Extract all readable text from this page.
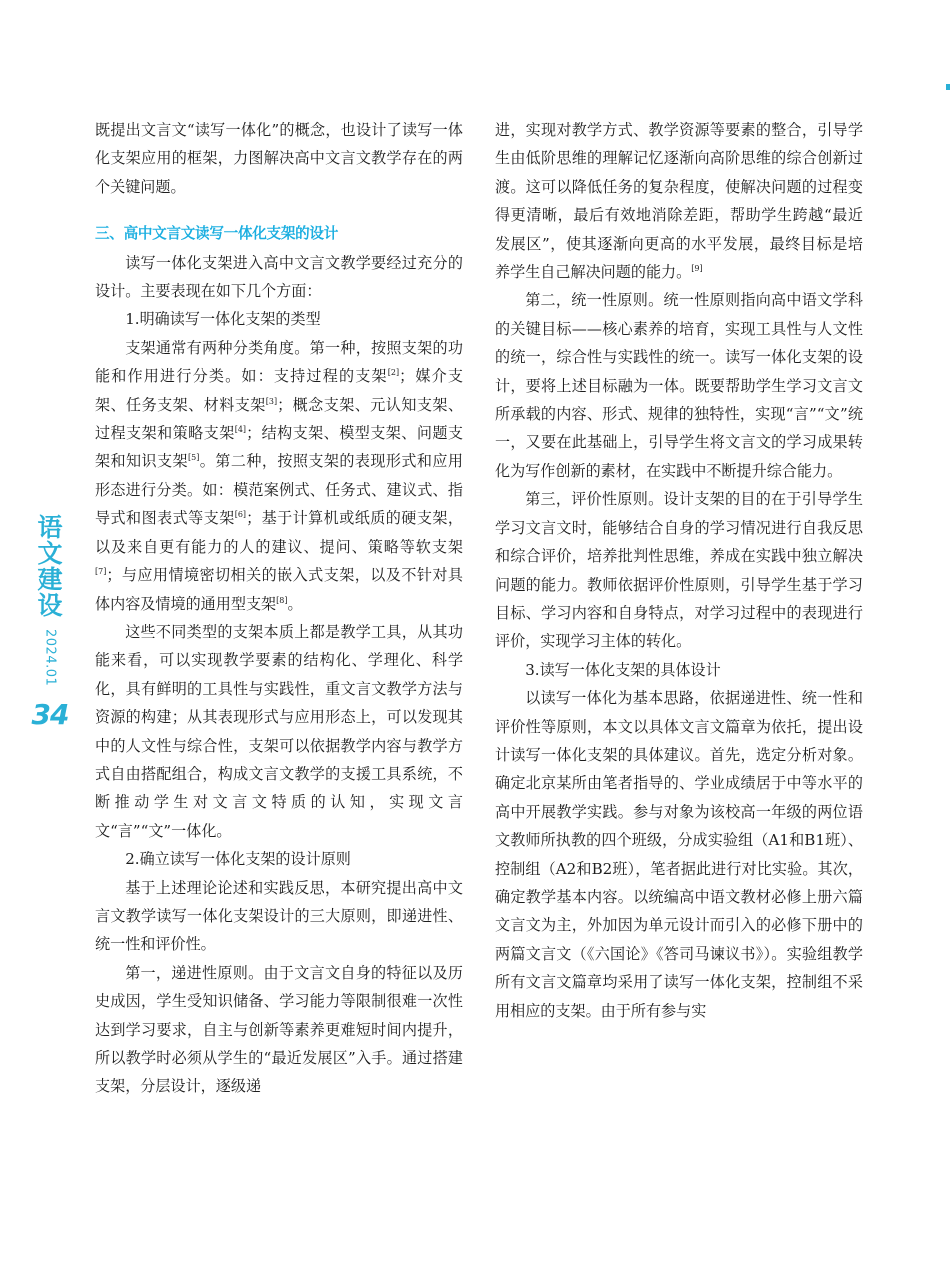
语
文
建
设
2024.01
34

既提出文言文“读写一体化”的概念，也设计了读写一体化支架应用的框架，力图解决高中文言文教学存在的两个关键问题。

三、高中文言文读写一体化支架的设计

读写一体化支架进入高中文言文教学要经过充分的设计。主要表现在如下几个方面：

1.明确读写一体化支架的类型

支架通常有两种分类角度。第一种，按照支架的功能和作用进行分类。如：支持过程的支架[2]；媒介支架、任务支架、材料支架[3]；概念支架、元认知支架、过程支架和策略支架[4]；结构支架、模型支架、问题支架和知识支架[5]。第二种，按照支架的表现形式和应用形态进行分类。如：模范案例式、任务式、建议式、指导式和图表式等支架[6]；基于计算机或纸质的硬支架，以及来自更有能力的人的建议、提问、策略等软支架[7]；与应用情境密切相关的嵌入式支架，以及不针对具体内容及情境的通用型支架[8]。

这些不同类型的支架本质上都是教学工具，从其功能来看，可以实现教学要素的结构化、学理化、科学化，具有鲜明的工具性与实践性，重文言文教学方法与资源的构建；从其表现形式与应用形态上，可以发现其中的人文性与综合性，支架可以依据教学内容与教学方式自由搭配组合，构成文言文教学的支援工具系统，不断推动学生对文言文特质的认知，实现文言文“言”“文”一体化。

2.确立读写一体化支架的设计原则

基于上述理论论述和实践反思，本研究提出高中文言文教学读写一体化支架设计的三大原则，即递进性、统一性和评价性。

第一，递进性原则。由于文言文自身的特征以及历史成因，学生受知识储备、学习能力等限制很难一次性达到学习要求，自主与创新等素养更难短时间内提升，所以教学时必须从学生的“最近发展区”入手。通过搭建支架，分层设计，逐级递

进，实现对教学方式、教学资源等要素的整合，引导学生由低阶思维的理解记忆逐渐向高阶思维的综合创新过渡。这可以降低任务的复杂程度，使解决问题的过程变得更清晰，最后有效地消除差距，帮助学生跨越“最近发展区”，使其逐渐向更高的水平发展，最终目标是培养学生自己解决问题的能力。[9]

第二，统一性原则。统一性原则指向高中语文学科的关键目标——核心素养的培育，实现工具性与人文性的统一，综合性与实践性的统一。读写一体化支架的设计，要将上述目标融为一体。既要帮助学生学习文言文所承载的内容、形式、规律的独特性，实现“言”“文”统一，又要在此基础上，引导学生将文言文的学习成果转化为写作创新的素材，在实践中不断提升综合能力。

第三，评价性原则。设计支架的目的在于引导学生学习文言文时，能够结合自身的学习情况进行自我反思和综合评价，培养批判性思维，养成在实践中独立解决问题的能力。教师依据评价性原则，引导学生基于学习目标、学习内容和自身特点，对学习过程中的表现进行评价，实现学习主体的转化。

3.读写一体化支架的具体设计

以读写一体化为基本思路，依据递进性、统一性和评价性等原则，本文以具体文言文篇章为依托，提出设计读写一体化支架的具体建议。首先，选定分析对象。确定北京某所由笔者指导的、学业成绩居于中等水平的高中开展教学实践。参与对象为该校高一年级的两位语文教师所执教的四个班级，分成实验组（A1和B1班）、控制组（A2和B2班），笔者据此进行对比实验。其次，确定教学基本内容。以统编高中语文教材必修上册六篇文言文为主，外加因为单元设计而引入的必修下册中的两篇文言文（《六国论》《答司马谏议书》）。实验组教学所有文言文篇章均采用了读写一体化支架，控制组不采用相应的支架。由于所有参与实
